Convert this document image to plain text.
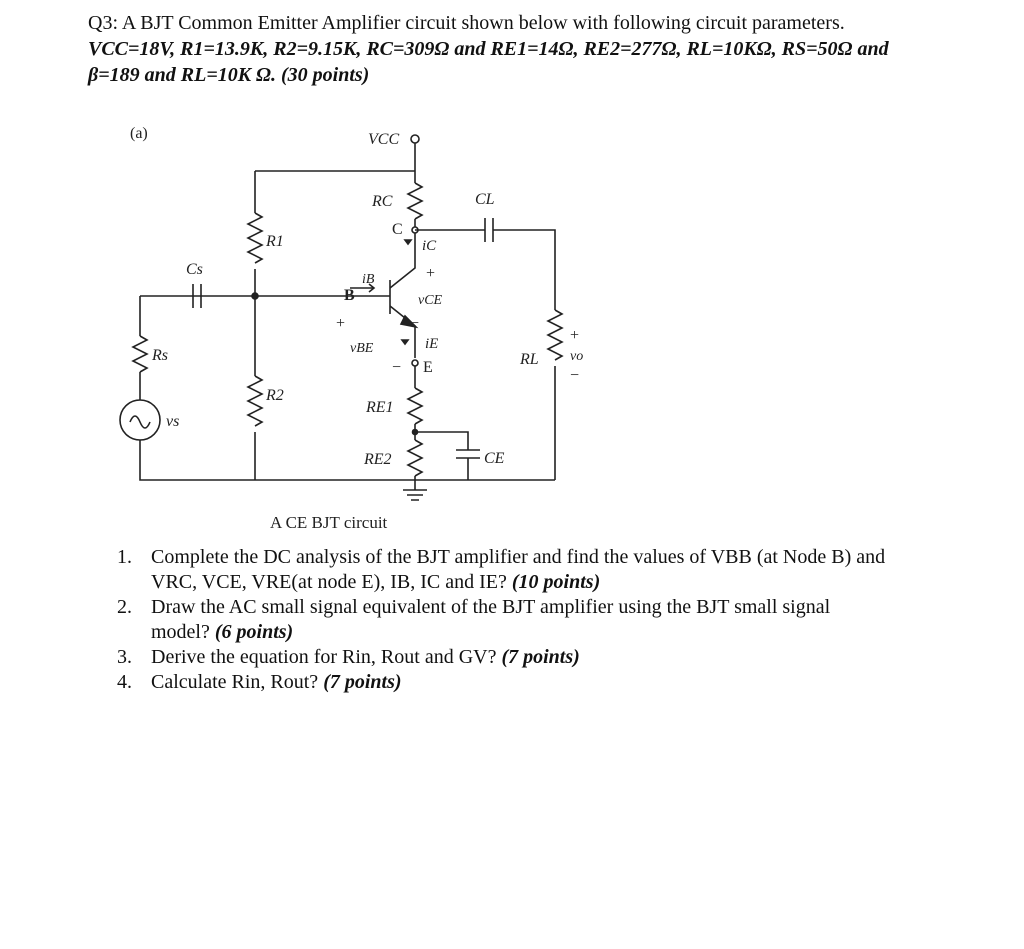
Q3: A BJT Common Emitter Amplifier circuit shown below with following circuit parameters.

VCC=18V, R1=13.9K, R2=9.15K, RC=309Ω and RE1=14Ω, RE2=277Ω, RL=10KΩ, RS=50Ω and

β=189 and RL=10K Ω. (30 points)

(a)	VCC
RC
C
iC
CL
R1
Cs
B
iB	+
vCE
−
+
vBE
−
iE
E
Rs	RL
+
vo
−
R2
RE1
vs
RE2	CE
A CE BJT circuit
1. Complete the DC analysis of the BJT amplifier and find the values of VBB (at Node B) and
VRC, VCE, VRE(at node E), IB, IC and IE? (10 points)
2. Draw the AC small signal equivalent of the BJT amplifier using the BJT small signal
model? (6 points)
3. Derive the equation for Rin, Rout and GV? (7 points)
4. Calculate Rin, Rout? (7 points)
